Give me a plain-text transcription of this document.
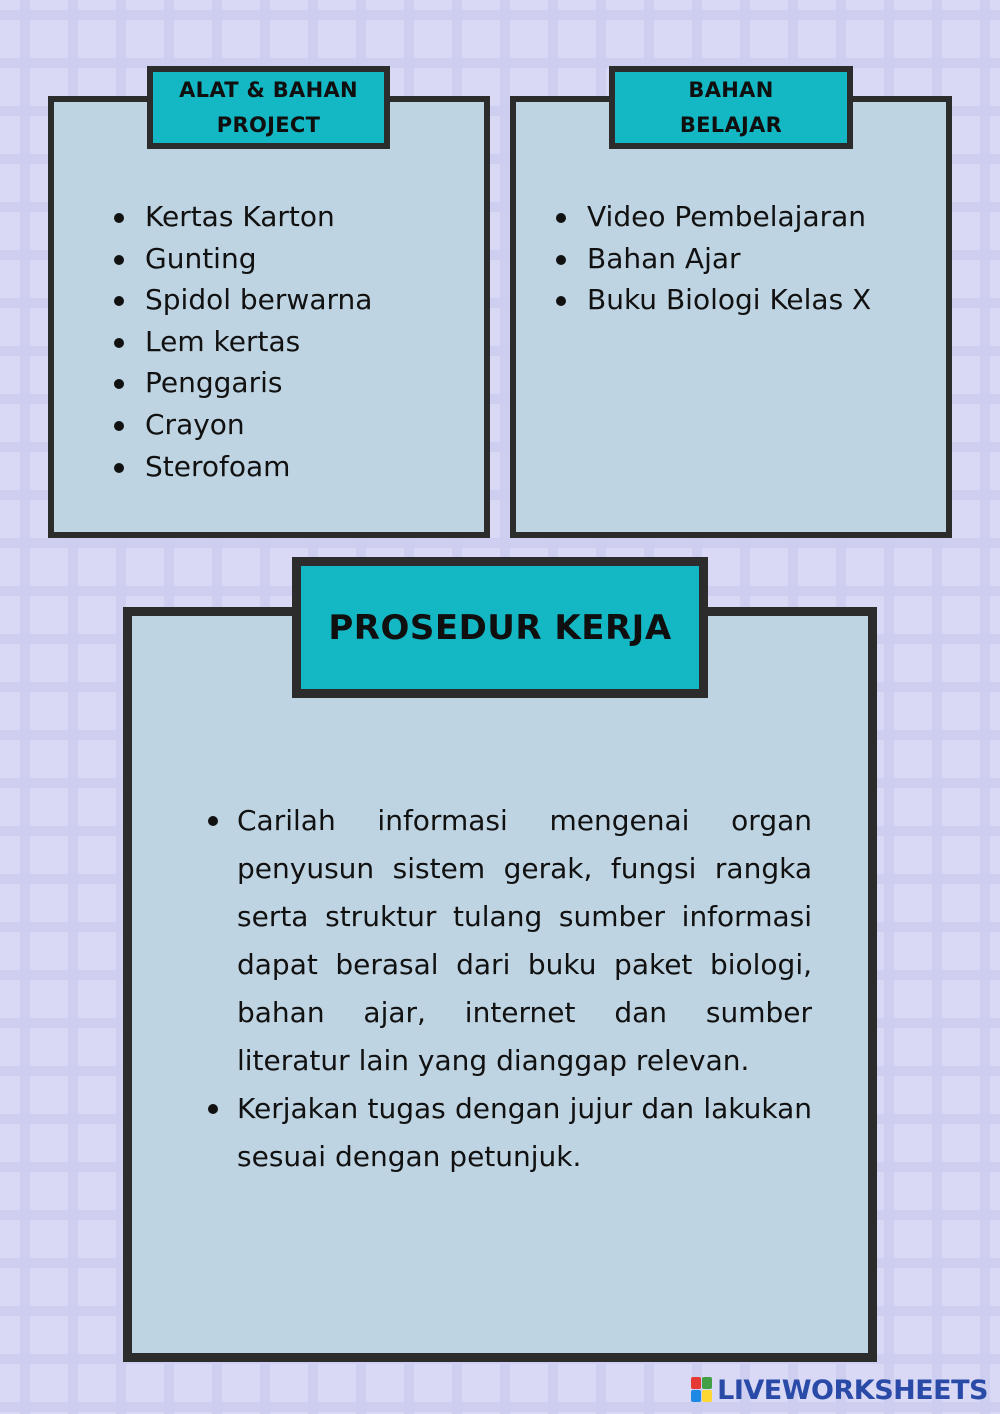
Kertas Karton
Gunting
Spidol berwarna
Lem kertas
Penggaris
Crayon
Sterofoam
ALAT & BAHAN
PROJECT
Video Pembelajaran
Bahan Ajar
Buku Biologi Kelas X
BAHAN
BELAJAR
Carilah informasi mengenai organ penyusun sistem gerak, fungsi rangka serta struktur tulang sumber informasi dapat berasal dari buku paket biologi, bahan ajar, internet dan sumber literatur lain yang dianggap relevan.
Kerjakan tugas dengan jujur dan lakukan sesuai dengan petunjuk.
PROSEDUR KERJA
LIVEWORKSHEETS
